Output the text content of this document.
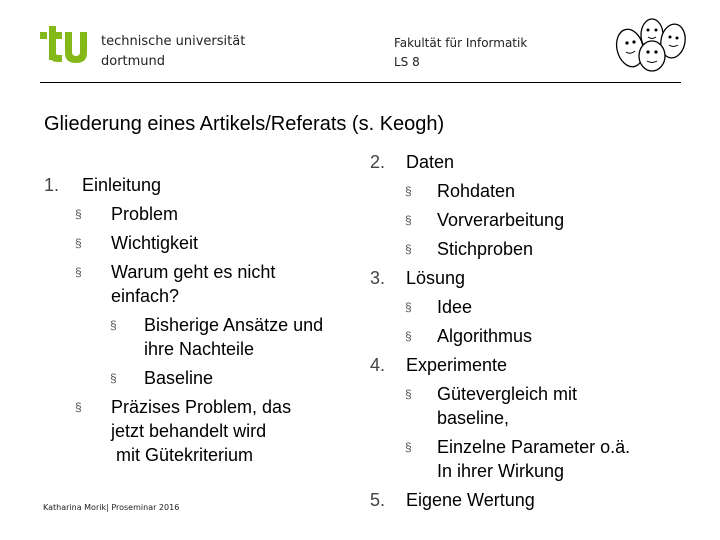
technische universität
dortmund
Fakultät für Informatik
LS 8
Gliederung eines Artikels/Referats (s. Keogh)
1. Einleitung
§ Problem
§ Wichtigkeit
§ Warum geht es nicht
einfach?
§ Bisherige Ansätze und
ihre Nachteile
§ Baseline
§ Präzises Problem, das
jetzt behandelt wird
mit Gütekriterium
2. Daten
§ Rohdaten
§ Vorverarbeitung
§ Stichproben
3. Lösung
§ Idee
§ Algorithmus
4. Experimente
§ Gütevergleich mit
baseline,
§ Einzelne Parameter o.ä.
In ihrer Wirkung
5. Eigene Wertung
Katharina Morik| Proseminar 2016
